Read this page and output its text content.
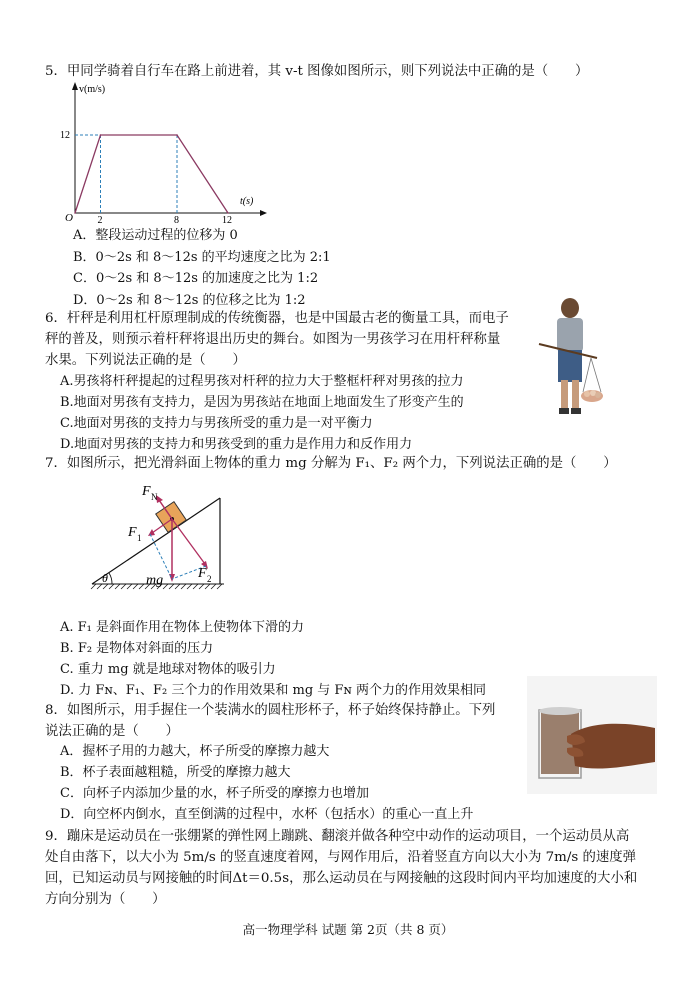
5．甲同学骑着自行车在路上前进着，其 v-t 图像如图所示，则下列说法中正确的是（　　）
v(m/s)
t(s)
O
12
2	8	12
A．整段运动过程的位移为 0
B．0～2s 和 8～12s 的平均速度之比为 2:1
C．0～2s 和 8～12s 的加速度之比为 1:2
D．0～2s 和 8～12s 的位移之比为 1:2
6．杆秤是利用杠杆原理制成的传统衡器，也是中国最古老的衡量工具，而电子
秤的普及，则预示着杆秤将退出历史的舞台。如图为一男孩学习在用杆秤称量
水果。下列说法正确的是（　　）
A.男孩将杆秤提起的过程男孩对杆秤的拉力大于整框杆秤对男孩的拉力
B.地面对男孩有支持力，是因为男孩站在地面上地面发生了形变产生的
C.地面对男孩的支持力与男孩所受的重力是一对平衡力
D.地面对男孩的支持力和男孩受到的重力是作用力和反作用力
7．如图所示，把光滑斜面上物体的重力 mg 分解为 F₁、F₂ 两个力，下列说法正确的是（　　）
θ
F N
F 1
mg F 2
A. F₁ 是斜面作用在物体上使物体下滑的力
B. F₂ 是物体对斜面的压力
C. 重力 mg 就是地球对物体的吸引力
D. 力 Fɴ、F₁、F₂ 三个力的作用效果和 mg 与 Fɴ 两个力的作用效果相同
8．如图所示，用手握住一个装满水的圆柱形杯子，杯子始终保持静止。下列
说法正确的是（　　）
A．握杯子用的力越大，杯子所受的摩擦力越大
B．杯子表面越粗糙，所受的摩擦力越大
C．向杯子内添加少量的水，杯子所受的摩擦力也增加
D．向空杯内倒水，直至倒满的过程中，水杯（包括水）的重心一直上升
9．蹦床是运动员在一张绷紧的弹性网上蹦跳、翻滚并做各种空中动作的运动项目，一个运动员从高
处自由落下，以大小为 5m/s 的竖直速度着网，与网作用后，沿着竖直方向以大小为 7m/s 的速度弹
回，已知运动员与网接触的时间Δt＝0.5s，那么运动员在与网接触的这段时间内平均加速度的大小和
方向分别为（　　）
高一物理学科 试题 第 2页（共 8 页）
